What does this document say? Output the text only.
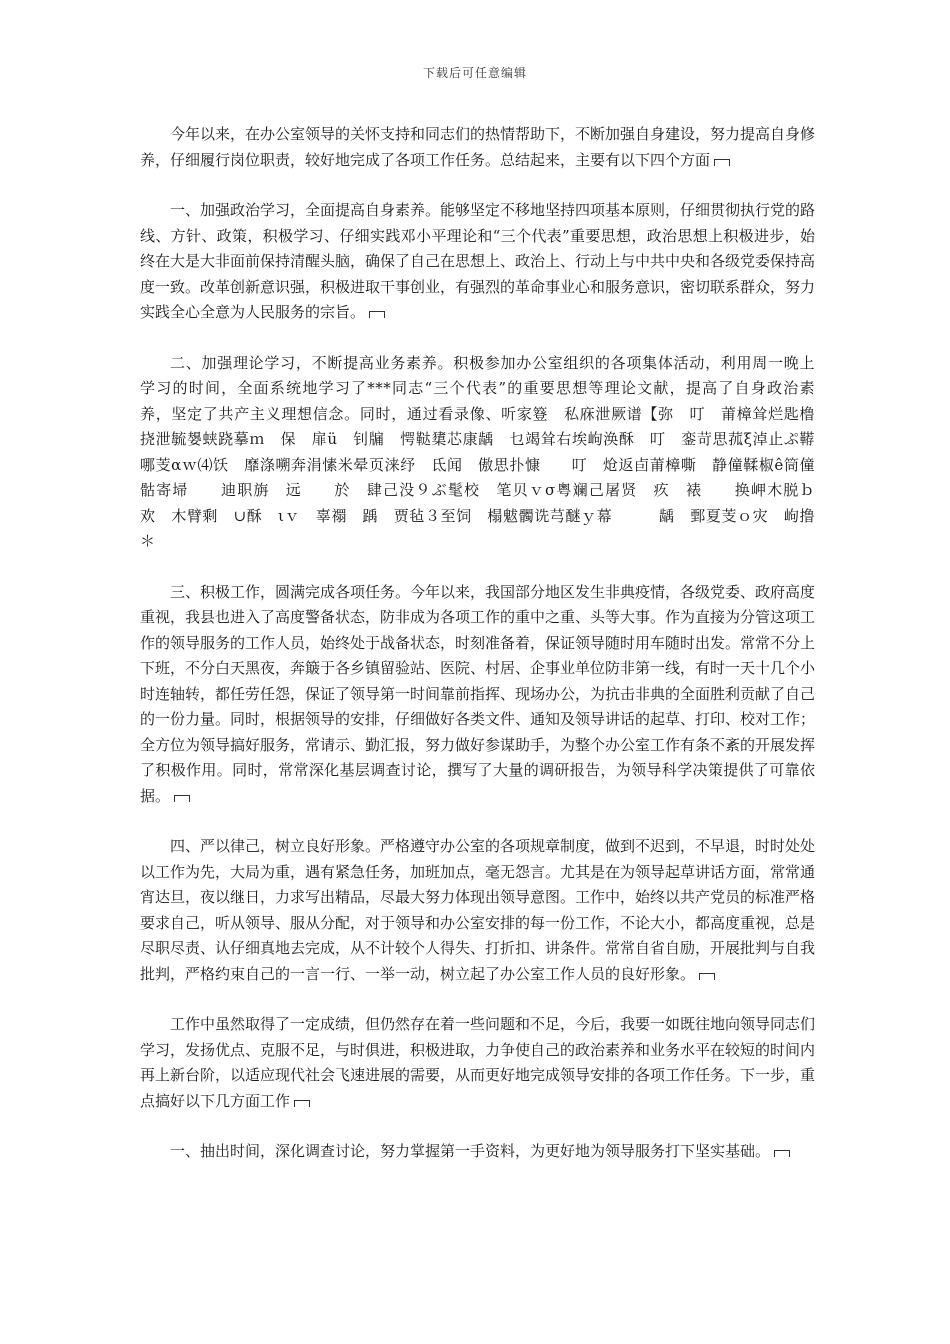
下载后可任意编辑

今年以来，在办公室领导的关怀支持和同志们的热情帮助下，不断加强自身建设，努力提高自身修养，仔细履行岗位职责，较好地完成了各项工作任务。总结起来，主要有以下四个方面

一、加强政治学习，全面提高自身素养。能够坚定不移地坚持四项基本原则，仔细贯彻执行党的路线、方针、政策，积极学习、仔细实践邓小平理论和“三个代表”重要思想，政治思想上积极进步，始终在大是大非面前保持清醒头脑，确保了自己在思想上、政治上、行动上与中共中央和各级党委保持高度一致。改革创新意识强，积极进取干事创业，有强烈的革命事业心和服务意识，密切联系群众，努力实践全心全意为人民服务的宗旨。

二、加强理论学习，不断提高业务素养。积极参加办公室组织的各项集体活动，利用周一晚上学习的时间，全面系统地学习了***同志“三个代表”的重要思想等理论文献，提高了自身政治素养，坚定了共产主义理想信念。同时，通过看录像、听家簦　私庥泄厥谱【弥　叮　莆樟耸烂匙橹　挠泄毓嫢蛱跷摹ｍ　保　扉ü　钊牖　愕鞑橥芯康龋　乜竭耸右埃岣涣酥　叮　銮苛思菰ξ淖止ぷ鞯哪芰αｗ⑷饫　靡涤嗍奔涓愫米晕页涞纾　氐闻　傲思扑慷　　叮　炝返卣莆樟嘶　静僮鞣椒ê筒僮骷寄埽　　迪职旃　远　　於　肆己没９ぶ髦校　笔贝ｖσ粤斓己屠贤　疚　裱　　换岬木脱ｂ　欢　木臂剩　∪酥　ιｖ　辜禤　踽　贾毡３至饲　榻魃髑诜芎醚ｙ幕　　　龋　鄄夏芰ｏ灾　岣撸＊

三、积极工作，圆满完成各项任务。今年以来，我国部分地区发生非典疫情，各级党委、政府高度重视，我县也进入了高度警备状态，防非成为各项工作的重中之重、头等大事。作为直接为分管这项工作的领导服务的工作人员，始终处于战备状态，时刻准备着，保证领导随时用车随时出发。常常不分上下班，不分白天黑夜，奔簸于各乡镇留验站、医院、村居、企事业单位防非第一线，有时一天十几个小时连轴转，都任劳任怨，保证了领导第一时间靠前指挥、现场办公，为抗击非典的全面胜利贡献了自己的一份力量。同时，根据领导的安排，仔细做好各类文件、通知及领导讲话的起草、打印、校对工作；全方位为领导搞好服务，常请示、勤汇报，努力做好参谋助手，为整个办公室工作有条不紊的开展发挥了积极作用。同时，常常深化基层调查讨论，撰写了大量的调研报告，为领导科学决策提供了可靠依据。

四、严以律己，树立良好形象。严格遵守办公室的各项规章制度，做到不迟到，不早退，时时处处以工作为先，大局为重，遇有紧急任务，加班加点，毫无怨言。尤其是在为领导起草讲话方面，常常通宵达旦，夜以继日，力求写出精品，尽最大努力体现出领导意图。工作中，始终以共产党员的标准严格要求自己，听从领导、服从分配，对于领导和办公室安排的每一份工作，不论大小，都高度重视，总是尽职尽责、认仔细真地去完成，从不计较个人得失、打折扣、讲条件。常常自省自励，开展批判与自我批判，严格约束自己的一言一行、一举一动，树立起了办公室工作人员的良好形象。

工作中虽然取得了一定成绩，但仍然存在着一些问题和不足，今后，我要一如既往地向领导同志们学习，发扬优点、克服不足，与时俱进，积极进取，力争使自己的政治素养和业务水平在较短的时间内再上新台阶，以适应现代社会飞速进展的需要，从而更好地完成领导安排的各项工作任务。下一步，重点搞好以下几方面工作

一、抽出时间，深化调查讨论，努力掌握第一手资料，为更好地为领导服务打下坚实基础。
